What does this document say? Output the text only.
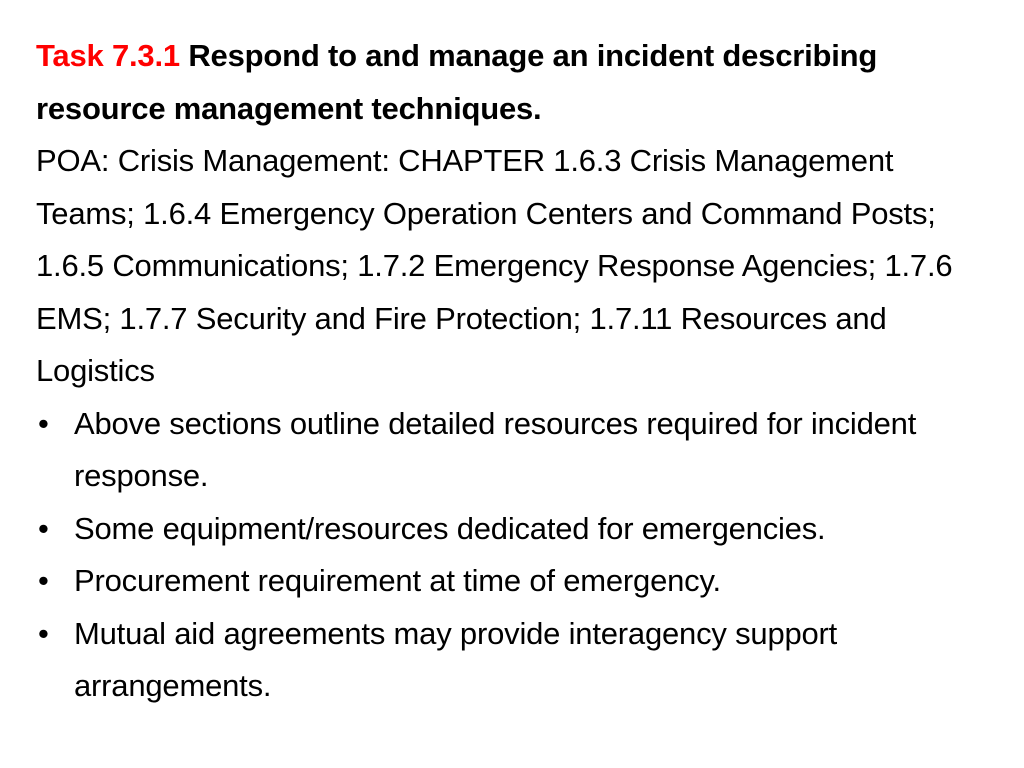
Task 7.3.1 Respond to and manage an incident describing resource management techniques.

POA: Crisis Management: CHAPTER 1.6.3 Crisis Management Teams; 1.6.4 Emergency Operation Centers and Command Posts; 1.6.5 Communications; 1.7.2 Emergency Response Agencies; 1.7.6 EMS; 1.7.7 Security and Fire Protection; 1.7.11 Resources and Logistics

• Above sections outline detailed resources required for incident response.
• Some equipment/resources dedicated for emergencies.
• Procurement requirement at time of emergency.
• Mutual aid agreements may provide interagency support arrangements.
